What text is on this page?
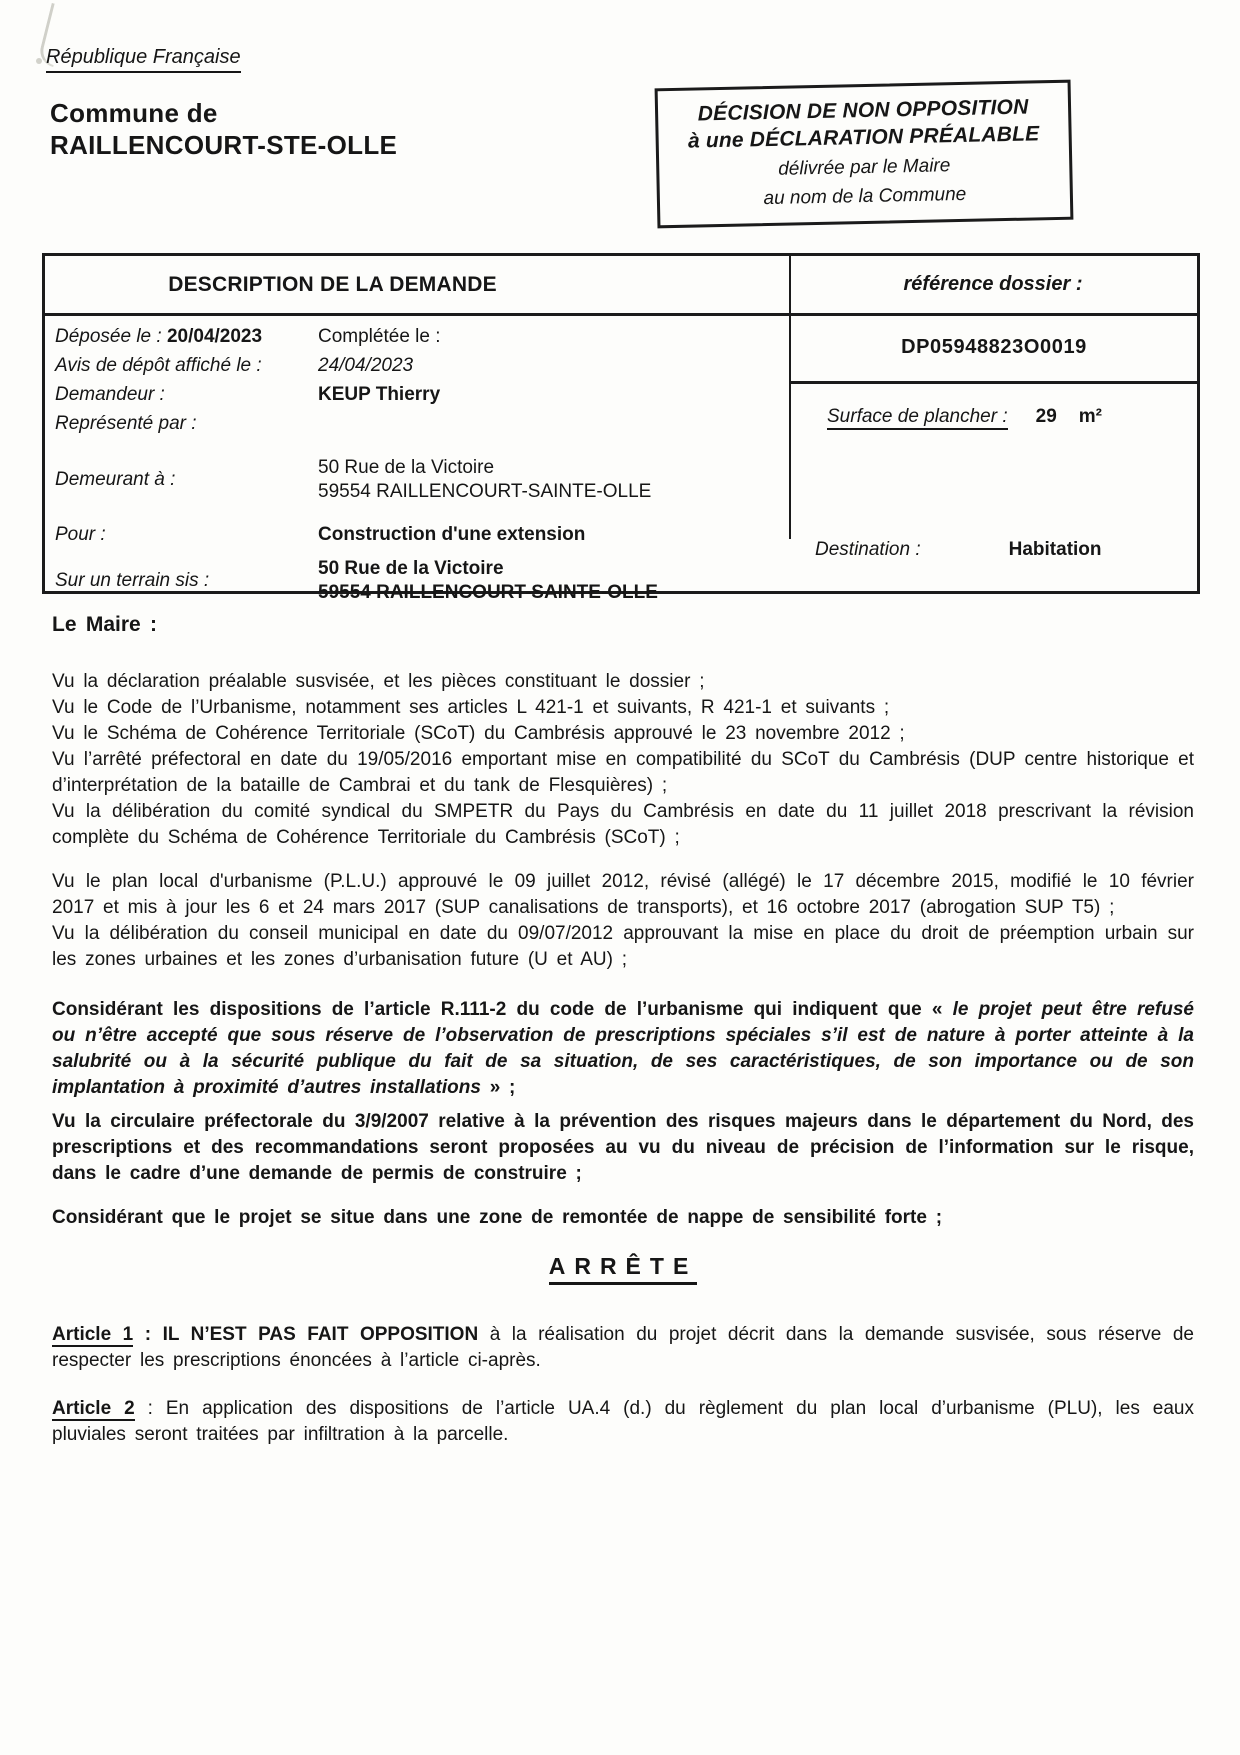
République Française
Commune de
RAILLENCOURT-STE-OLLE
DÉCISION DE NON OPPOSITION
à une DÉCLARATION PRÉALABLE
délivrée par le Maire
au nom de la Commune
DESCRIPTION DE LA DEMANDE	référence dossier :
Déposée le : 20/04/2023	Complétée le :
Avis de dépôt affiché le :	24/04/2023
Demandeur :	KEUP Thierry
Représenté par :
Demeurant à :
50 Rue de la Victoire
59554 RAILLENCOURT-SAINTE-OLLE
Pour :	Construction d'une extension
Sur un terrain sis :
50 Rue de la Victoire
59554 RAILLENCOURT-SAINTE-OLLE
DP05948823O0019
Surface de plancher : 29 m²
Destination :	Habitation
Le Maire :

Vu la déclaration préalable susvisée, et les pièces constituant le dossier ;

Vu le Code de l’Urbanisme, notamment ses articles L 421-1 et suivants, R 421-1 et suivants ;

Vu le Schéma de Cohérence Territoriale (SCoT) du Cambrésis approuvé le 23 novembre 2012 ;

Vu l’arrêté préfectoral en date du 19/05/2016 emportant mise en compatibilité du SCoT du Cambrésis (DUP centre historique et d’interprétation de la bataille de Cambrai et du tank de Flesquières) ;

Vu la délibération du comité syndical du SMPETR du Pays du Cambrésis en date du 11 juillet 2018 prescrivant la révision complète du Schéma de Cohérence Territoriale du Cambrésis (SCoT) ;

Vu le plan local d'urbanisme (P.L.U.) approuvé le 09 juillet 2012, révisé (allégé) le 17 décembre 2015, modifié le 10 février 2017 et mis à jour les 6 et 24 mars 2017 (SUP canalisations de transports), et 16 octobre 2017 (abrogation SUP T5) ;

Vu la délibération du conseil municipal en date du 09/07/2012 approuvant la mise en place du droit de préemption urbain sur les zones urbaines et les zones d’urbanisation future (U et AU) ;

Considérant les dispositions de l’article R.111-2 du code de l’urbanisme qui indiquent que « le projet peut être refusé ou n’être accepté que sous réserve de l’observation de prescriptions spéciales s’il est de nature à porter atteinte à la salubrité ou à la sécurité publique du fait de sa situation, de ses caractéristiques, de son importance ou de son implantation à proximité d’autres installations » ;

Vu la circulaire préfectorale du 3/9/2007 relative à la prévention des risques majeurs dans le département du Nord, des prescriptions et des recommandations seront proposées au vu du niveau de précision de l’information sur le risque, dans le cadre d’une demande de permis de construire ;

Considérant que le projet se situe dans une zone de remontée de nappe de sensibilité forte ;

ARRÊTE

Article 1 : IL N’EST PAS FAIT OPPOSITION à la réalisation du projet décrit dans la demande susvisée, sous réserve de respecter les prescriptions énoncées à l’article ci-après.

Article 2 : En application des dispositions de l’article UA.4 (d.) du règlement du plan local d’urbanisme (PLU), les eaux pluviales seront traitées par infiltration à la parcelle.
